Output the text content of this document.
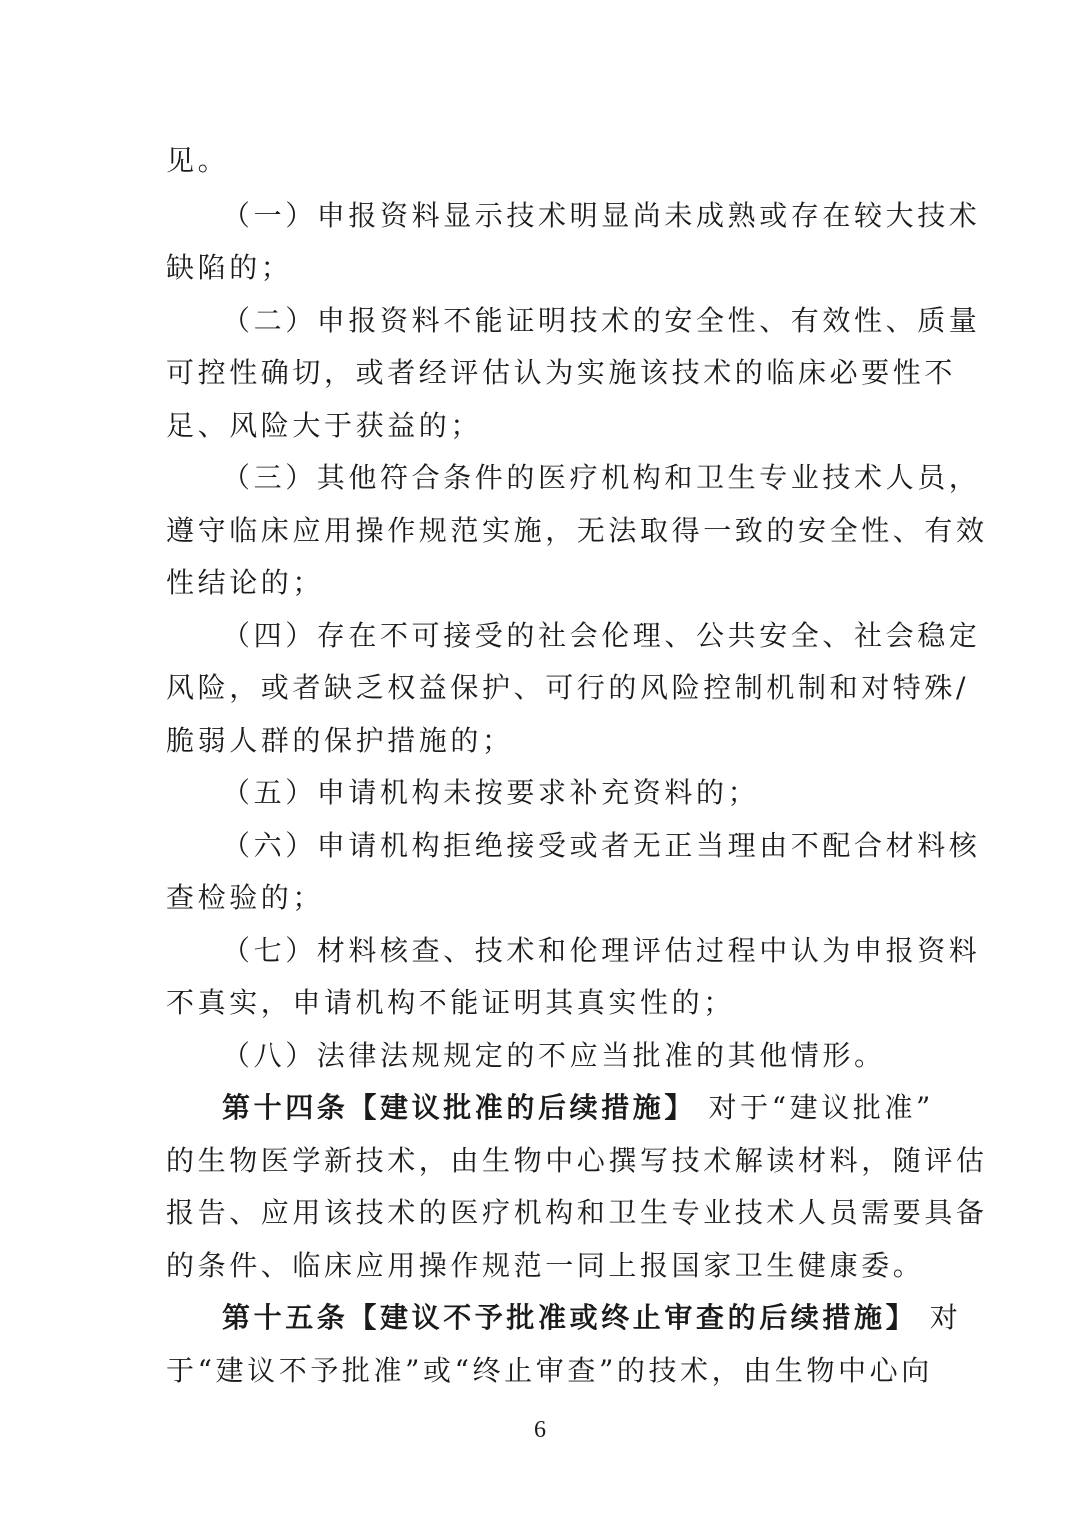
见。
（一）申报资料显示技术明显尚未成熟或存在较大技术
缺陷的；
（二）申报资料不能证明技术的安全性、有效性、质量
可控性确切，或者经评估认为实施该技术的临床必要性不
足、风险大于获益的；
（三）其他符合条件的医疗机构和卫生专业技术人员，
遵守临床应用操作规范实施，无法取得一致的安全性、有效
性结论的；
（四）存在不可接受的社会伦理、公共安全、社会稳定
风险，或者缺乏权益保护、可行的风险控制机制和对特殊/
脆弱人群的保护措施的；
（五）申请机构未按要求补充资料的；
（六）申请机构拒绝接受或者无正当理由不配合材料核
查检验的；
（七）材料核查、技术和伦理评估过程中认为申报资料
不真实，申请机构不能证明其真实性的；
（八）法律法规规定的不应当批准的其他情形。
第十四条【建议批准的后续措施】 对于“建议批准”
的生物医学新技术，由生物中心撰写技术解读材料，随评估
报告、应用该技术的医疗机构和卫生专业技术人员需要具备
的条件、临床应用操作规范一同上报国家卫生健康委。
第十五条【建议不予批准或终止审查的后续措施】 对
于“建议不予批准”或“终止审查”的技术，由生物中心向
6
